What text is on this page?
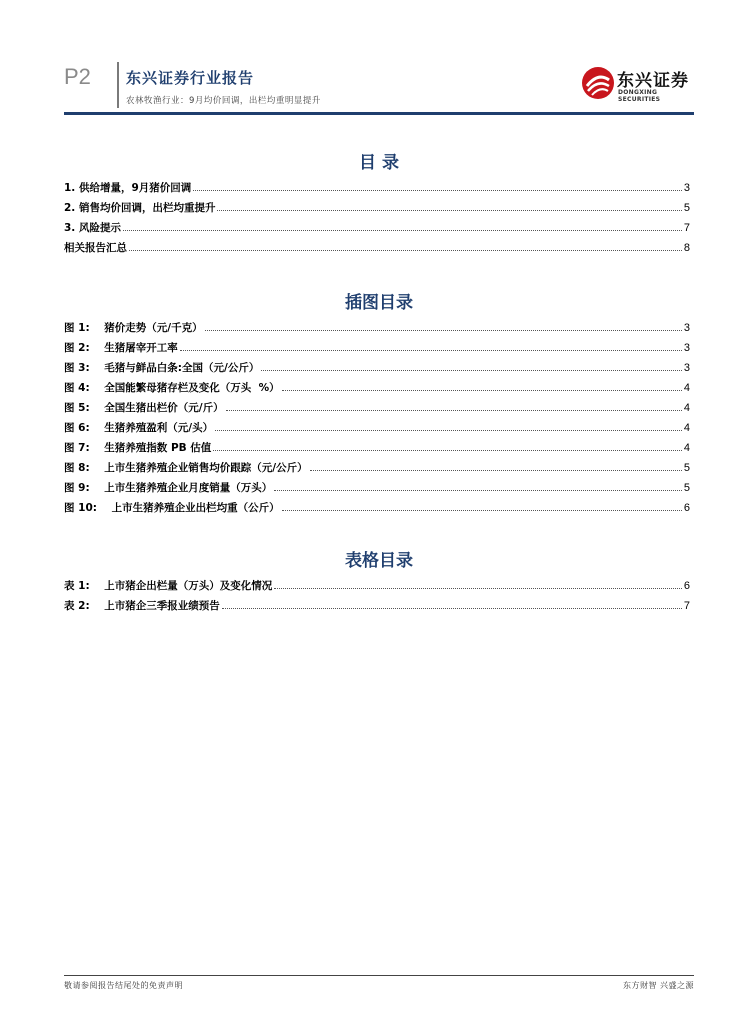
P2 东兴证券行业报告
农林牧渔行业：9月均价回调，出栏均重明显提升
东兴证券
DONGXING SECURITIES
目 录
1. 供给增量，9月猪价回调	3
2. 销售均价回调，出栏均重提升	5
3. 风险提示	7
相关报告汇总	8
插图目录
图 1:    猪价走势（元/千克）	3
图 2:    生猪屠宰开工率	3
图 3:    毛猪与鲜品白条:全国（元/公斤）	3
图 4:    全国能繁母猪存栏及变化（万头  %）	4
图 5:    全国生猪出栏价（元/斤）	4
图 6:    生猪养殖盈利（元/头）	4
图 7:    生猪养殖指数 PB 估值	4
图 8:    上市生猪养殖企业销售均价跟踪（元/公斤）	5
图 9:    上市生猪养殖企业月度销量（万头）	5
图 10:    上市生猪养殖企业出栏均重（公斤）	6
表格目录
表 1:    上市猪企出栏量（万头）及变化情况	6
表 2:    上市猪企三季报业绩预告	7
敬请参阅报告结尾处的免责声明	东方财智 兴盛之源
